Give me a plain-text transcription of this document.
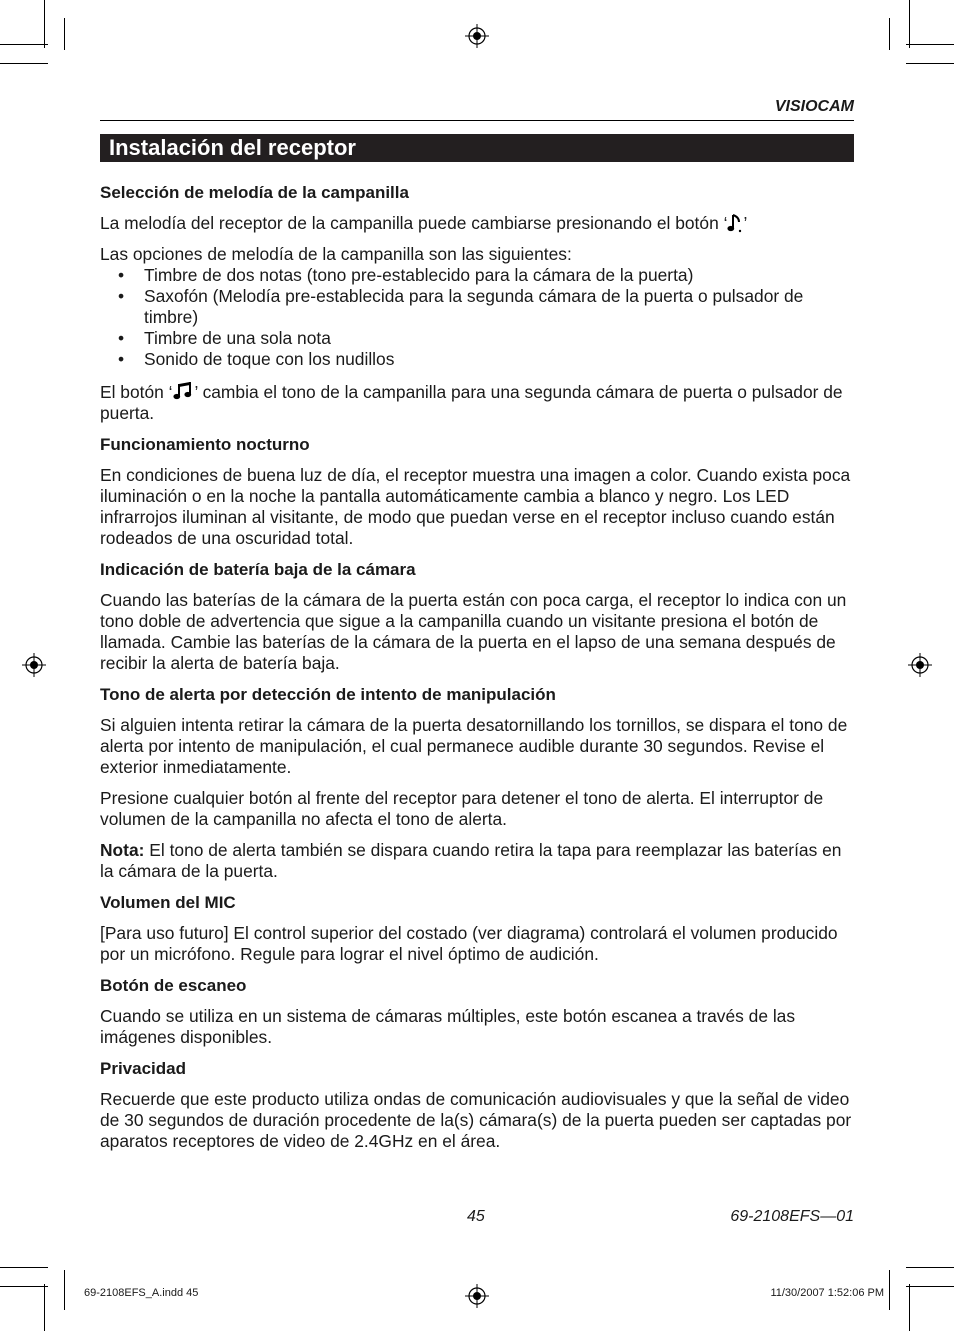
VISIOCAM
Instalación del receptor
Selección de melodía de la campanilla

La melodía del receptor de la campanilla puede cambiarse presionando el botón ‘ ’

Las opciones de melodía de la campanilla son las siguientes:

• Timbre de dos notas (tono pre-establecido para la cámara de la puerta)
• Saxofón (Melodía pre-establecida para la segunda cámara de la puerta o pulsador de timbre)
• Timbre de una sola nota
• Sonido de toque con los nudillos

El botón ‘ ’ cambia el tono de la campanilla para una segunda cámara de puerta o pulsador de puerta.

Funcionamiento nocturno

En condiciones de buena luz de día, el receptor muestra una imagen a color. Cuando exista poca iluminación o en la noche la pantalla automáticamente cambia a blanco y negro. Los LED infrarrojos iluminan al visitante, de modo que puedan verse en el receptor incluso cuando están rodeados de una oscuridad total.

Indicación de batería baja de la cámara

Cuando las baterías de la cámara de la puerta están con poca carga, el receptor lo indica con un tono doble de advertencia que sigue a la campanilla cuando un visitante presiona el botón de llamada. Cambie las baterías de la cámara de la puerta en el lapso de una semana después de recibir la alerta de batería baja.

Tono de alerta por detección de intento de manipulación

Si alguien intenta retirar la cámara de la puerta desatornillando los tornillos, se dispara el tono de alerta por intento de manipulación, el cual permanece audible durante 30 segundos. Revise el exterior inmediatamente.

Presione cualquier botón al frente del receptor para detener el tono de alerta. El interruptor de volumen de la campanilla no afecta el tono de alerta.

Nota: El tono de alerta también se dispara cuando retira la tapa para reemplazar las baterías en la cámara de la puerta.

Volumen del MIC

[Para uso futuro] El control superior del costado (ver diagrama) controlará el volumen producido por un micrófono. Regule para lograr el nivel óptimo de audición.

Botón de escaneo

Cuando se utiliza en un sistema de cámaras múltiples, este botón escanea a través de las imágenes disponibles.

Privacidad

Recuerde que este producto utiliza ondas de comunicación audiovisuales y que la señal de video de 30 segundos de duración procedente de la(s) cámara(s) de la puerta pueden ser captadas por aparatos receptores de video de 2.4GHz en el área.

45	69-2108EFS—01
69-2108EFS_A.indd 45	11/30/2007 1:52:06 PM
